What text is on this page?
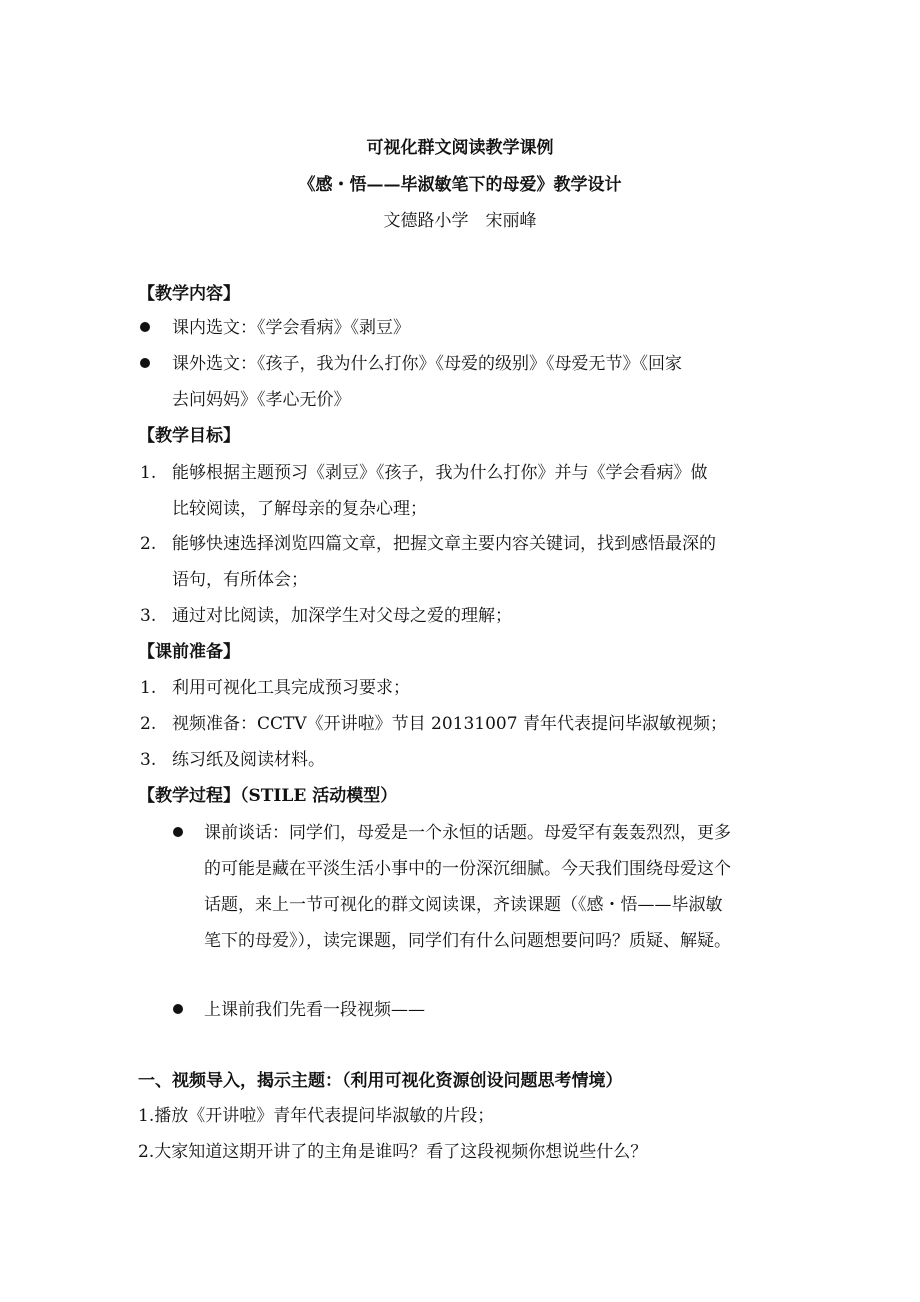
可视化群文阅读教学课例
《感・悟——毕淑敏笔下的母爱》教学设计
文德路小学　宋丽峰
【教学内容】
课内选文：《学会看病》《剥豆》
课外选文：《孩子，我为什么打你》《母爱的级别》《母爱无节》《回家
去问妈妈》《孝心无价》
【教学目标】
1. 能够根据主题预习《剥豆》《孩子，我为什么打你》并与《学会看病》做
比较阅读，了解母亲的复杂心理；
2. 能够快速选择浏览四篇文章，把握文章主要内容关键词，找到感悟最深的
语句，有所体会；
3. 通过对比阅读，加深学生对父母之爱的理解；
【课前准备】
1. 利用可视化工具完成预习要求；
2. 视频准备：CCTV《开讲啦》节目 20131007 青年代表提问毕淑敏视频；
3. 练习纸及阅读材料。
【教学过程】（STILE 活动模型）
课前谈话：同学们，母爱是一个永恒的话题。母爱罕有轰轰烈烈，更多
的可能是藏在平淡生活小事中的一份深沉细腻。今天我们围绕母爱这个
话题，来上一节可视化的群文阅读课，齐读课题（《感・悟——毕淑敏
笔下的母爱》），读完课题，同学们有什么问题想要问吗？质疑、解疑。
上课前我们先看一段视频——
一、视频导入，揭示主题：（利用可视化资源创设问题思考情境）
1.播放《开讲啦》青年代表提问毕淑敏的片段；
2.大家知道这期开讲了的主角是谁吗？看了这段视频你想说些什么？
